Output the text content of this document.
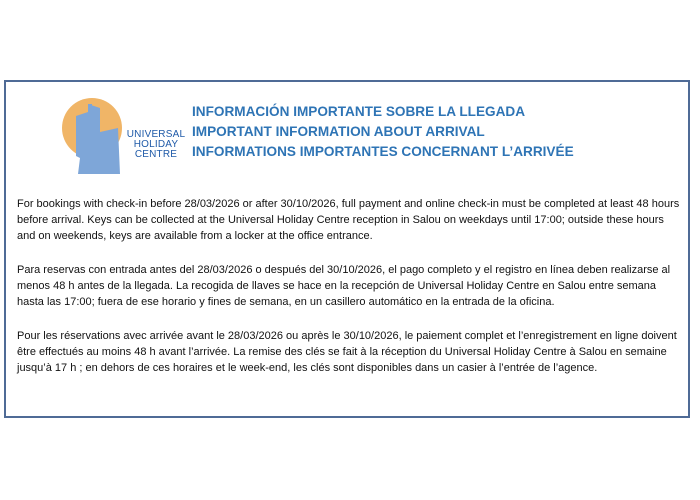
UNIVERSAL
HOLIDAY
CENTRE
INFORMACIÓN IMPORTANTE SOBRE LA LLEGADA
IMPORTANT INFORMATION ABOUT ARRIVAL
INFORMATIONS IMPORTANTES CONCERNANT L’ARRIVÉE

For bookings with check-in before 28/03/2026 or after 30/10/2026, full payment and online check-in must be completed at least 48 hours before arrival. Keys can be collected at the Universal Holiday Centre reception in Salou on weekdays until 17:00; outside these hours and on weekends, keys are available from a locker at the office entrance.

Para reservas con entrada antes del 28/03/2026 o después del 30/10/2026, el pago completo y el registro en línea deben realizarse al menos 48 h antes de la llegada. La recogida de llaves se hace en la recepción de Universal Holiday Centre en Salou entre semana hasta las 17:00; fuera de ese horario y fines de semana, en un casillero automático en la entrada de la oficina.

Pour les réservations avec arrivée avant le 28/03/2026 ou après le 30/10/2026, le paiement complet et l’enregistrement en ligne doivent être effectués au moins 48 h avant l’arrivée. La remise des clés se fait à la réception du Universal Holiday Centre à Salou en semaine jusqu’à 17 h ; en dehors de ces horaires et le week-end, les clés sont disponibles dans un casier à l’entrée de l’agence.
